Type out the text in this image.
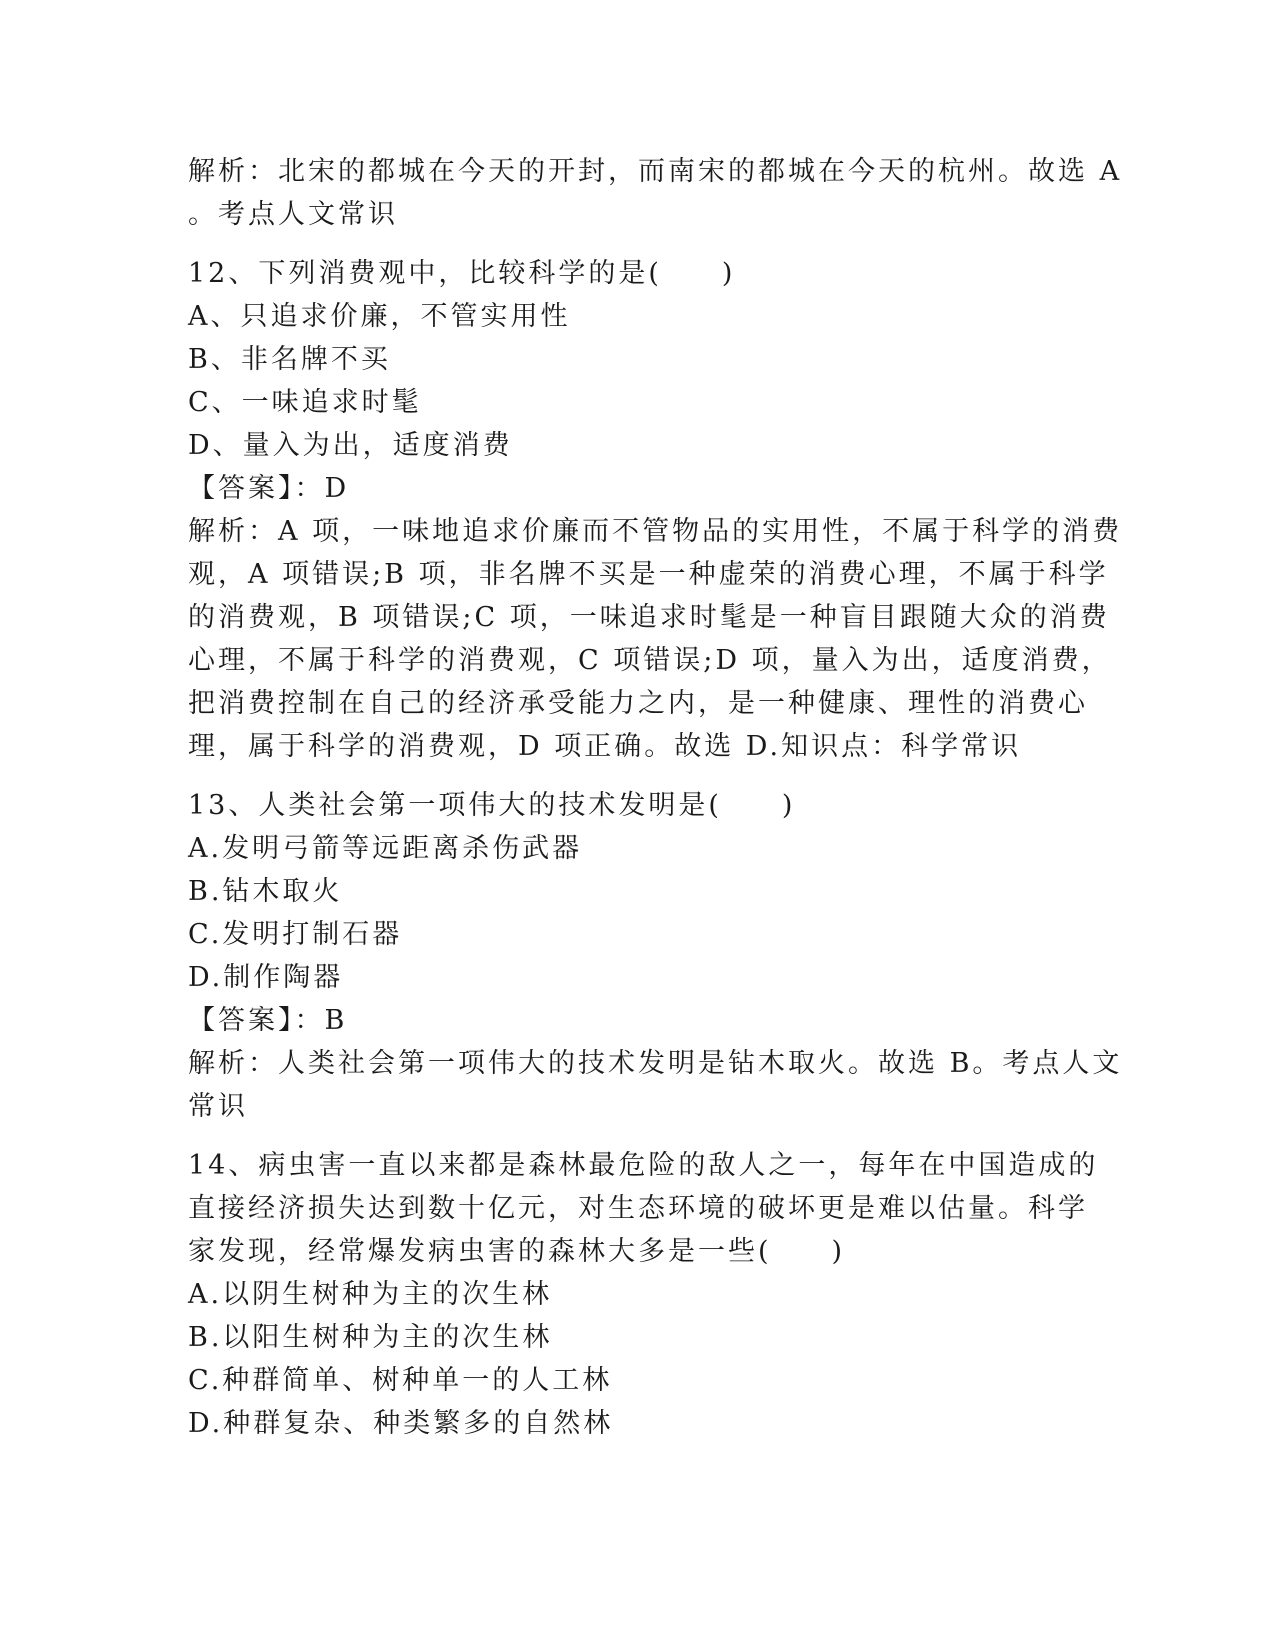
解析：北宋的都城在今天的开封，而南宋的都城在今天的杭州。故选 A
。考点人文常识
12、下列消费观中，比较科学的是(　　)
A、只追求价廉，不管实用性
B、非名牌不买
C、一味追求时髦
D、量入为出，适度消费
【答案】：D
解析：A 项，一味地追求价廉而不管物品的实用性，不属于科学的消费
观，A 项错误;B 项，非名牌不买是一种虚荣的消费心理，不属于科学
的消费观，B 项错误;C 项，一味追求时髦是一种盲目跟随大众的消费
心理，不属于科学的消费观，C 项错误;D 项，量入为出，适度消费，
把消费控制在自己的经济承受能力之内，是一种健康、理性的消费心
理，属于科学的消费观，D 项正确。故选 D.知识点：科学常识
13、人类社会第一项伟大的技术发明是(　　)
A.发明弓箭等远距离杀伤武器
B.钻木取火
C.发明打制石器
D.制作陶器
【答案】：B
解析：人类社会第一项伟大的技术发明是钻木取火。故选 B。考点人文
常识
14、病虫害一直以来都是森林最危险的敌人之一，每年在中国造成的
直接经济损失达到数十亿元，对生态环境的破坏更是难以估量。科学
家发现，经常爆发病虫害的森林大多是一些(　　)
A.以阴生树种为主的次生林
B.以阳生树种为主的次生林
C.种群简单、树种单一的人工林
D.种群复杂、种类繁多的自然林
